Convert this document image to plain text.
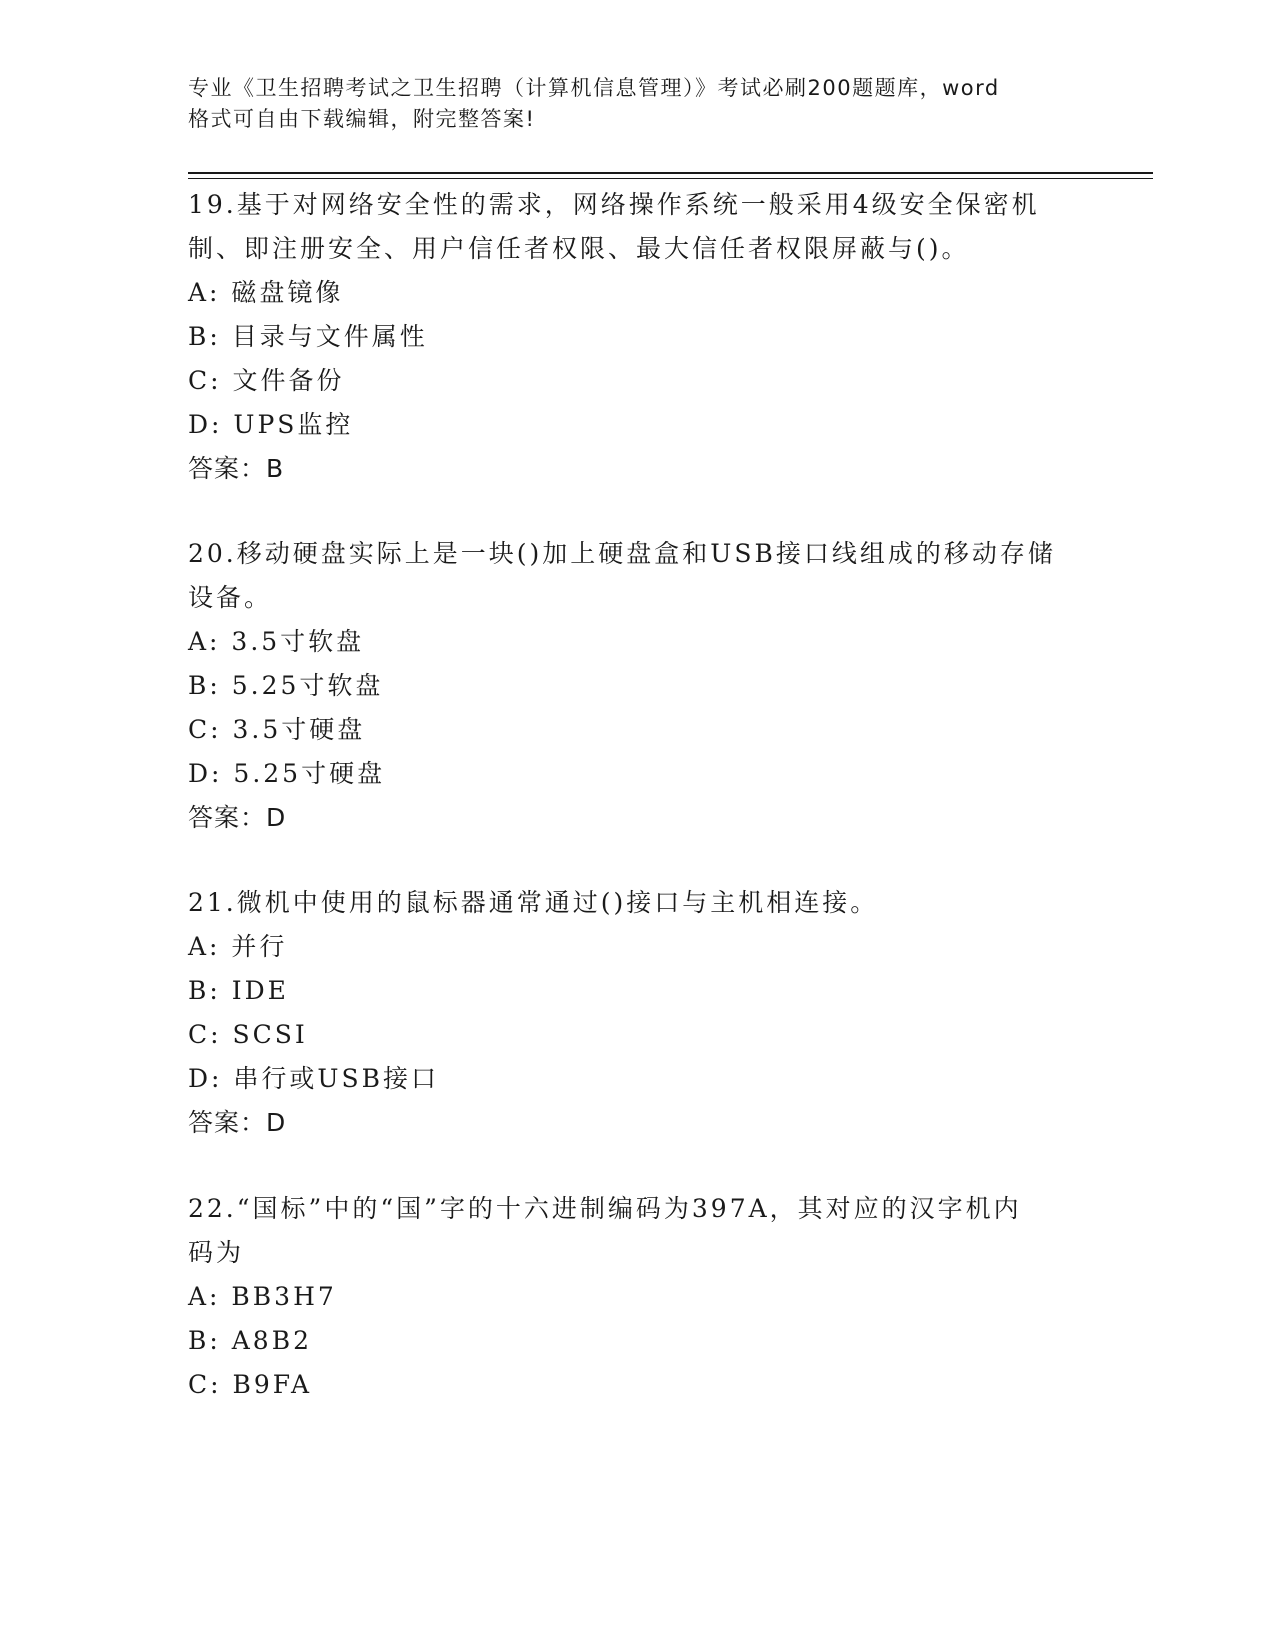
专业《卫生招聘考试之卫生招聘（计算机信息管理）》考试必刷200题题库，word
格式可自由下载编辑，附完整答案!
19.基于对网络安全性的需求，网络操作系统一般采用4级安全保密机
制、即注册安全、用户信任者权限、最大信任者权限屏蔽与()。
A: 磁盘镜像
B: 目录与文件属性
C: 文件备份
D: UPS监控
答案：B
20.移动硬盘实际上是一块()加上硬盘盒和USB接口线组成的移动存储
设备。
A: 3.5寸软盘
B: 5.25寸软盘
C: 3.5寸硬盘
D: 5.25寸硬盘
答案：D
21.微机中使用的鼠标器通常通过()接口与主机相连接。
A: 并行
B: IDE
C: SCSI
D: 串行或USB接口
答案：D
22.“国标”中的“国”字的十六进制编码为397A，其对应的汉字机内
码为
A: BB3H7
B: A8B2
C: B9FA
